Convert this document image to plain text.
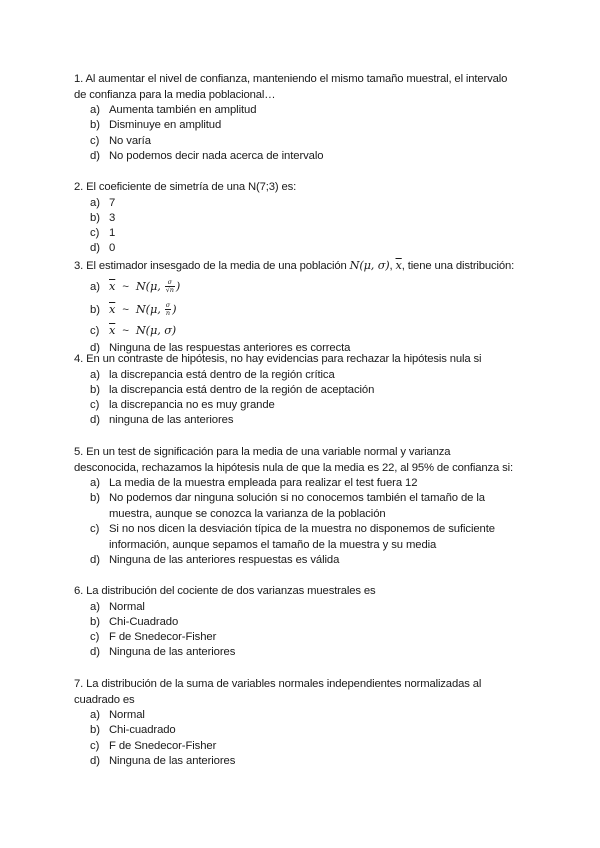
1. Al aumentar el nivel de confianza, manteniendo el mismo tamaño muestral, el intervalo
de confianza para la media poblacional…
a) Aumenta también en amplitud
b) Disminuye en amplitud
c) No varía
d) No podemos decir nada acerca de intervalo
2. El coeficiente de simetría de una N(7;3) es:
a) 7
b) 3
c) 1
d) 0
3. El estimador insesgado de la media de una población N(μ, σ), $\overline{x}$, tiene una distribución:
a) $\overline{x}$ ~ N(μ, $\frac{\sigma}{√n}$ )
b) $\overline{x}$ ~ N(μ, $\frac{\sigma}{n}$ )
c) $\overline{x}$ ~ N(μ, σ)
d) Ninguna de las respuestas anteriores es correcta
4. En un contraste de hipótesis, no hay evidencias para rechazar la hipótesis nula si
a) la discrepancia está dentro de la región crítica
b) la discrepancia está dentro de la región de aceptación
c) la discrepancia no es muy grande
d) ninguna de las anteriores
5. En un test de significación para la media de una variable normal y varianza
desconocida, rechazamos la hipótesis nula de que la media es 22, al 95% de confianza si:
a) La media de la muestra empleada para realizar el test fuera 12
b) No podemos dar ninguna solución si no conocemos también el tamaño de la muestra, aunque se conozca la varianza de la población
c) Si no nos dicen la desviación típica de la muestra no disponemos de suficiente información, aunque sepamos el tamaño de la muestra y su media
d) Ninguna de las anteriores respuestas es válida
6. La distribución del cociente de dos varianzas muestrales es
a) Normal
b) Chi-Cuadrado
c) F de Snedecor-Fisher
d) Ninguna de las anteriores
7. La distribución de la suma de variables normales independientes normalizadas al
cuadrado es
a) Normal
b) Chi-cuadrado
c) F de Snedecor-Fisher
d) Ninguna de las anteriores
